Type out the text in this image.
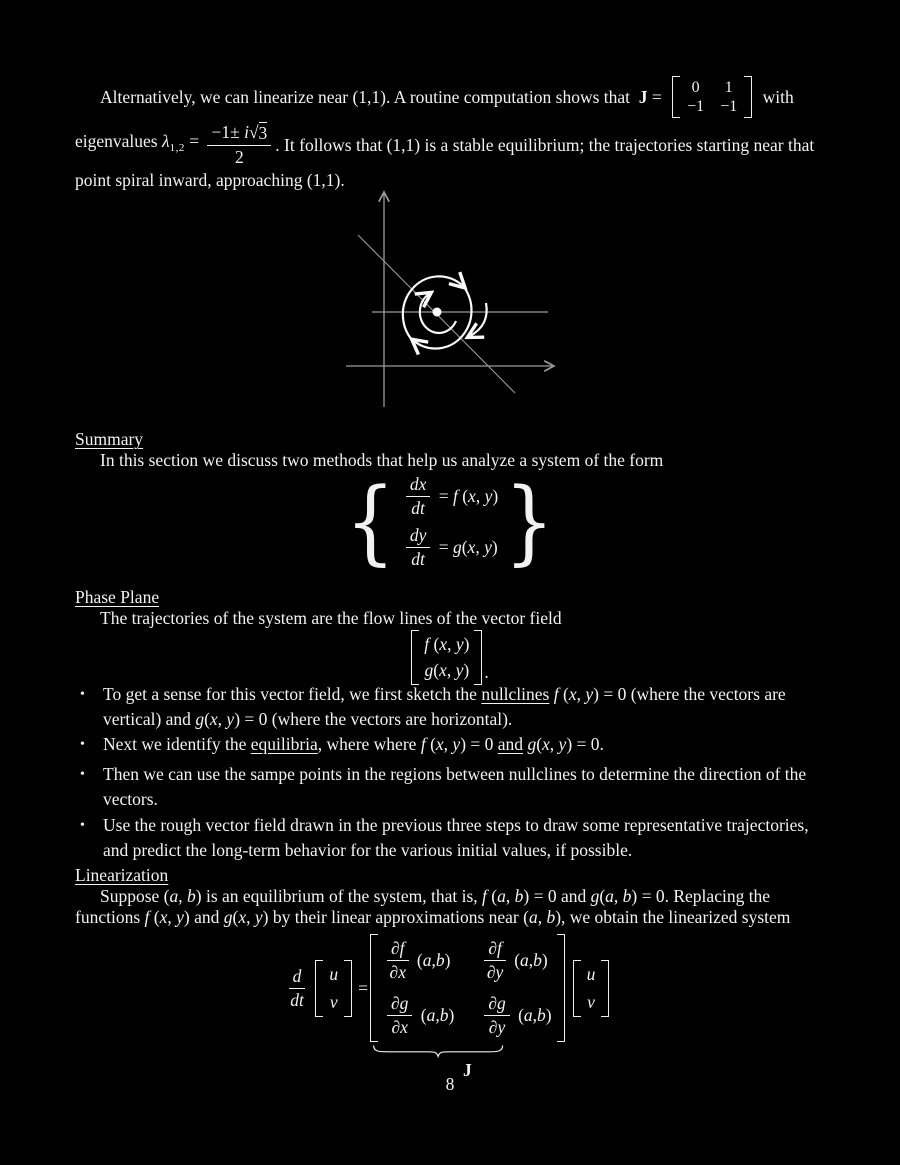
Alternatively, we can linearize near (1,1). A routine computation shows that  J = 0 1
−1 −1 with
eigenvalues $\lambda_{1,2} = \frac{-1\pm i √ 3}{2}$ . It follows that (1,1) is a stable equilibrium; the trajectories starting near that
point spiral inward, approaching (1,1).
Summary
In this section we discuss two methods that help us analyze a system of the form
{ $\frac{dx}{dt} = f$ (x, y)
$\frac{dy}{dt} = g(x$, y) }
Phase Plane
The trajectories of the system are the flow lines of the vector field
f (x, y)
g(x, y) .
•	To get a sense for this vector field, we first sketch the nullclines f (x, y) = 0 (where the vectors are vertical) and g(x, y) = 0 (where the vectors are horizontal).
•	Next we identify the equilibria, where where f (x, y) = 0 and g(x, y) = 0.
•	Then we can use the sampe points in the regions between nullclines to determine the direction of the vectors.
•	Use the rough vector field drawn in the previous three steps to draw some representative trajectories, and predict the long-term behavior for the various initial values, if possible.
Linearization
Suppose (a, b) is an equilibrium of the system, that is, f (a, b) = 0 and g(a, b) = 0. Replacing the
functions f (x, y) and g(x, y) by their linear approximations near (a, b), we obtain the linearized system
$\frac{d}{dt}$ u
v
=
$\frac{\partial f}{\partial x} (a,b) \frac{\partial f}{\partial y} (a,b)$
$\frac{\partial g}{\partial x} (a,b) \frac{\partial g}{\partial y} (a,b)$
J
u
v
8
